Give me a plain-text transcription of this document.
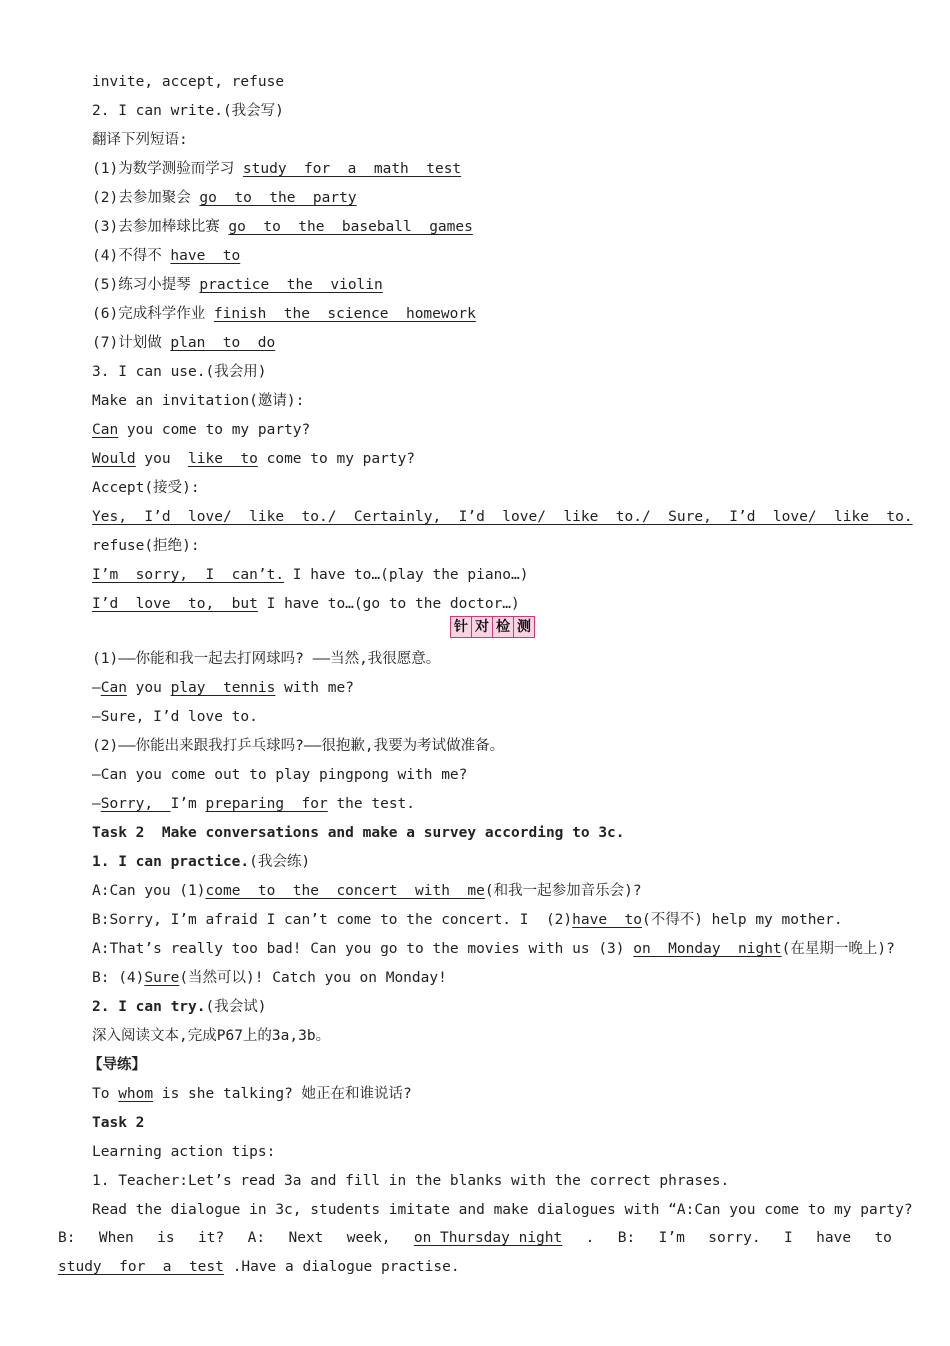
invite, accept, refuse
2. I can write.(我会写)
翻译下列短语:
(1)为数学测验而学习 study  for  a  math  test
(2)去参加聚会 go  to  the  party
(3)去参加棒球比赛 go  to  the  baseball  games
(4)不得不 have  to
(5)练习小提琴 practice  the  violin
(6)完成科学作业 finish  the  science  homework
(7)计划做 plan  to  do
3. I can use.(我会用)
Make an invitation(邀请):
Can you come to my party?
Would you  like  to come to my party?
Accept(接受):
Yes,  I’d  love/  like  to./  Certainly,  I’d  love/  like  to./  Sure,  I’d  love/  like  to.
refuse(拒绝):
I’m  sorry,  I  can’t. I have to…(play the piano…)
I’d  love  to,  but I have to…(go to the doctor…)
针 对 检 测
(1)——你能和我一起去打网球吗? ——当然,我很愿意。
—Can you play  tennis with me?
—Sure, I’d love to.
(2)——你能出来跟我打乒乓球吗?——很抱歉,我要为考试做准备。
—Can you come out to play pingpong with me?
—Sorry,  I’m preparing  for the test.
Task 2  Make conversations and make a survey according to 3c.
1. I can practice.(我会练)
A:Can you (1)come  to  the  concert  with  me(和我一起参加音乐会)?
B:Sorry, I’m afraid I can’t come to the concert. I  (2)have  to(不得不) help my mother.
A:That’s really too bad! Can you go to the movies with us (3) on  Monday  night(在星期一晚上)?
B: (4)Sure(当然可以)! Catch you on Monday!
2. I can try.(我会试)
深入阅读文本,完成P67上的3a,3b。
【导练】
To whom is she talking? 她正在和谁说话?
Task 2
Learning action tips:
1. Teacher:Let’s read 3a and fill in the blanks with the correct phrases.
Read the dialogue in 3c, students imitate and make dialogues with “A:Can you come to my party?
B: When is it? A: Next week, on Thursday night . B: I’m sorry. I have to
study  for  a  test .Have a dialogue practise.
